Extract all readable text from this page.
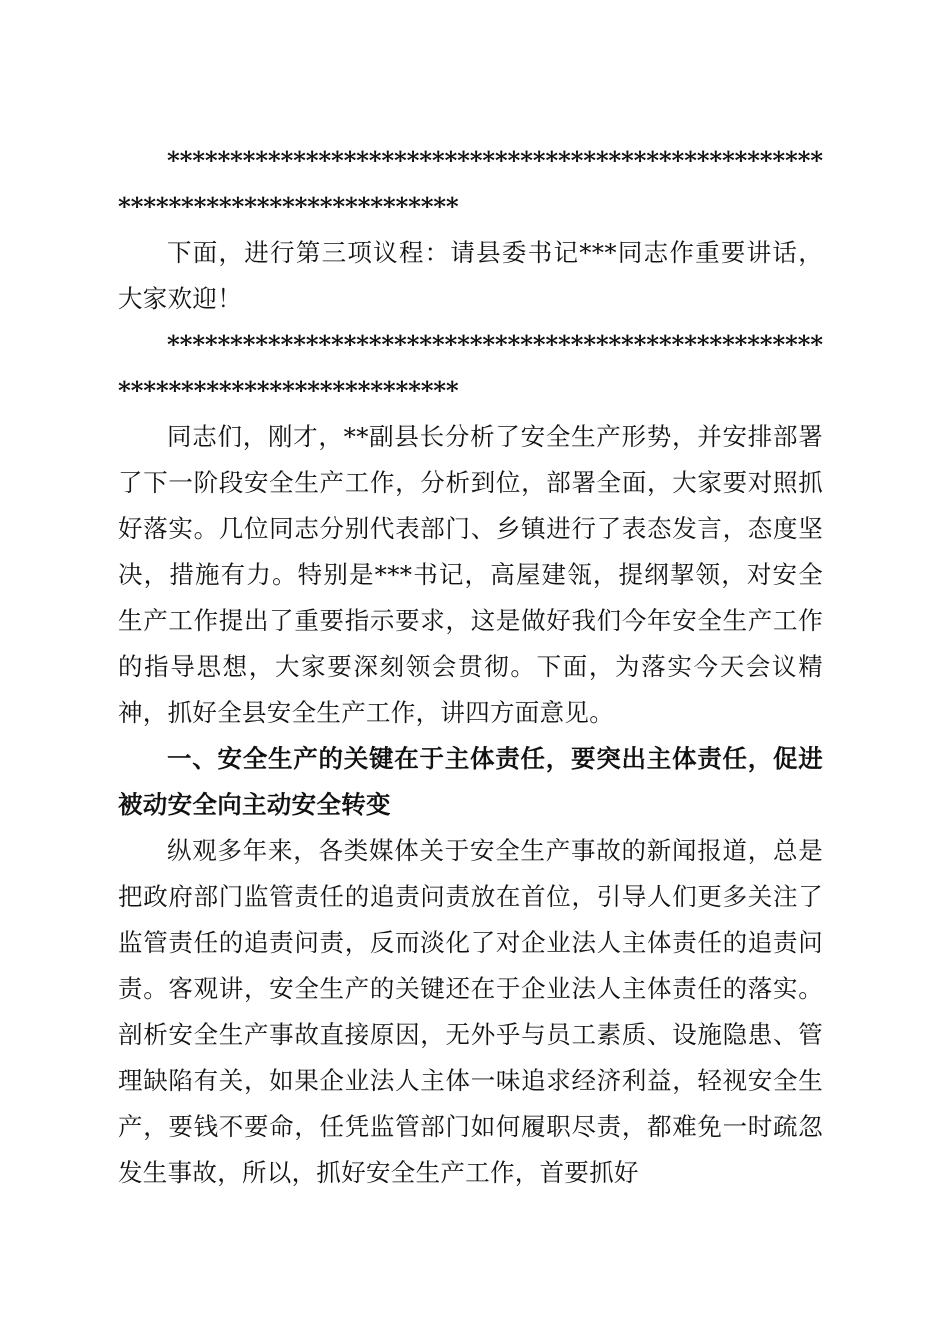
*******************************************************************************

下面，进行第三项议程：请县委书记***同志作重要讲话，大家欢迎！

*******************************************************************************

同志们，刚才，**副县长分析了安全生产形势，并安排部署了下一阶段安全生产工作，分析到位，部署全面，大家要对照抓好落实。几位同志分别代表部门、乡镇进行了表态发言，态度坚决，措施有力。特别是***书记，高屋建瓴，提纲挈领，对安全生产工作提出了重要指示要求，这是做好我们今年安全生产工作的指导思想，大家要深刻领会贯彻。下面，为落实今天会议精神，抓好全县安全生产工作，讲四方面意见。

一、安全生产的关键在于主体责任，要突出主体责任，促进被动安全向主动安全转变

纵观多年来，各类媒体关于安全生产事故的新闻报道，总是把政府部门监管责任的追责问责放在首位，引导人们更多关注了监管责任的追责问责，反而淡化了对企业法人主体责任的追责问责。客观讲，安全生产的关键还在于企业法人主体责任的落实。剖析安全生产事故直接原因，无外乎与员工素质、设施隐患、管理缺陷有关，如果企业法人主体一味追求经济利益，轻视安全生产，要钱不要命，任凭监管部门如何履职尽责，都难免一时疏忽发生事故，所以，抓好安全生产工作，首要抓好
